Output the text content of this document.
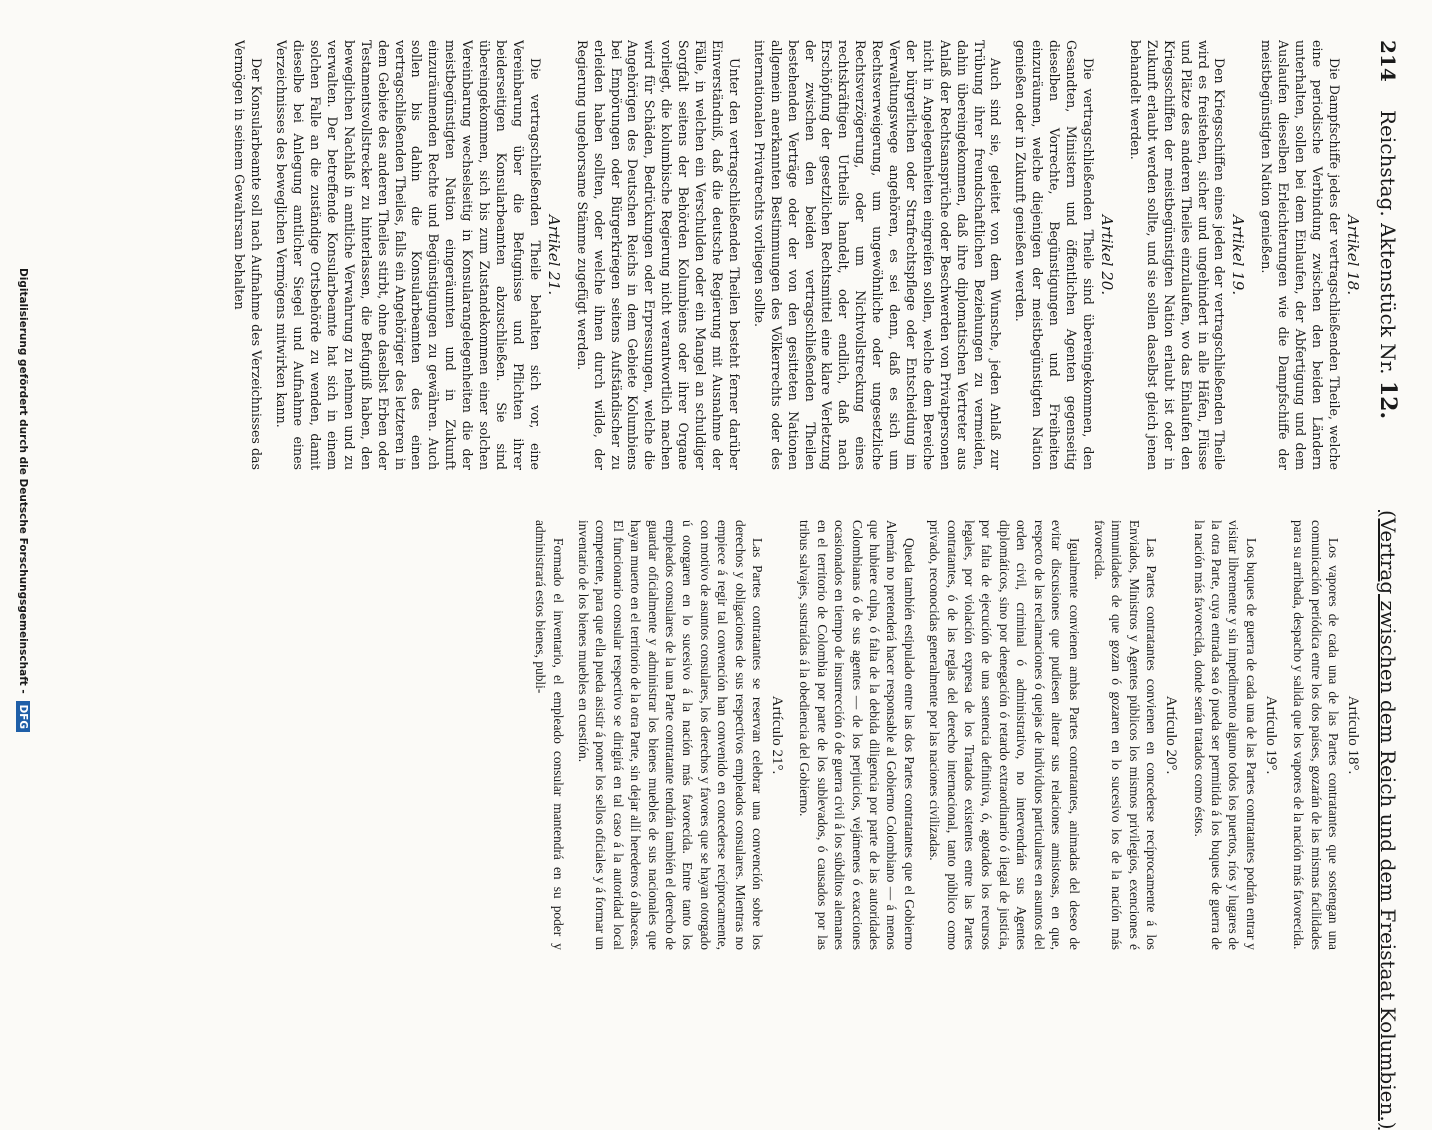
214
Reichstag. Aktenstück Nr. 12.
(Vertrag zwischen dem Reich und dem Freistaat Kolumbien.)
Artikel 18.

Die Dampfschiffe jedes der vertragschließenden Theile, welche eine periodische Verbindung zwischen den beiden Ländern unterhalten, sollen bei dem Einlaufen, der Abfertigung und dem Auslaufen dieselben Erleichterungen wie die Dampfschiffe der meistbegünstigten Nation genießen.

Artikel 19.

Den Kriegsschiffen eines jeden der vertragschließenden Theile wird es freistehen, sicher und ungehindert in alle Häfen, Flüsse und Plätze des anderen Theiles einzulaufen, wo das Einlaufen den Kriegsschiffen der meistbegünstigten Nation erlaubt ist oder in Zukunft erlaubt werden sollte, und sie sollen daselbst gleich jenen behandelt werden.

Artikel 20.

Die vertragschließenden Theile sind übereingekommen, den Gesandten, Ministern und öffentlichen Agenten gegenseitig dieselben Vorrechte, Begünstigungen und Freiheiten einzuräumen, welche diejenigen der meistbegünstigten Nation genießen oder in Zukunft genießen werden.

Auch sind sie, geleitet von dem Wunsche, jeden Anlaß zur Trübung ihrer freundschaftlichen Beziehungen zu vermeiden, dahin übereingekommen, daß ihre diplomatischen Vertreter aus Anlaß der Rechtsansprüche oder Beschwerden von Privatpersonen nicht in Angelegenheiten eingreifen sollen, welche dem Bereiche der bürgerlichen oder Strafrechtspflege oder Entscheidung im Verwaltungswege angehören, es sei denn, daß es sich um Rechtsverweigerung, um ungewöhnliche oder ungesetzliche Rechtsverzögerung, oder um Nichtvollstreckung eines rechtskräftigen Urtheils handelt, oder endlich, daß nach Erschöpfung der gesetzlichen Rechtsmittel eine klare Verletzung der zwischen den beiden vertragschließenden Theilen bestehenden Verträge oder der von den gesitteten Nationen allgemein anerkannten Bestimmungen des Völkerrechts oder des internationalen Privatrechts vorliegen sollte.

Unter den vertragschließenden Theilen besteht ferner darüber Einverständniß, daß die deutsche Regierung mit Ausnahme der Fälle, in welchen ein Verschulden oder ein Mangel an schuldiger Sorgfalt seitens der Behörden Kolumbiens oder ihrer Organe vorliegt, die kolumbische Regierung nicht verantwortlich machen wird für Schäden, Bedrückungen oder Erpressungen, welche die Angehörigen des Deutschen Reichs in dem Gebiete Kolumbiens bei Empörungen oder Bürgerkriegen seitens Aufständischer zu erleiden haben sollten, oder welche ihnen durch wilde, der Regierung ungehorsame Stämme zugefügt werden.

Artikel 21.

Die vertragschließenden Theile behalten sich vor, eine Vereinbarung über die Befugnisse und Pflichten ihrer beiderseitigen Konsularbeamten abzuschließen. Sie sind übereingekommen, sich bis zum Zustandekommen einer solchen Vereinbarung wechselseitig in Konsularangelegenheiten die der meistbegünstigten Nation eingeräumten und in Zukunft einzuräumenden Rechte und Begünstigungen zu gewähren. Auch sollen bis dahin die Konsularbeamten des einen vertragschließenden Theiles, falls ein Angehöriger des letzteren in dem Gebiete des anderen Theiles stirbt, ohne daselbst Erben oder Testamentsvollstrecker zu hinterlassen, die Befugniß haben, den beweglichen Nachlaß in amtliche Verwahrung zu nehmen und zu verwalten. Der betreffende Konsularbeamte hat sich in einem solchen Falle an die zuständige Ortsbehörde zu wenden, damit dieselbe bei Anlegung amtlicher Siegel und Aufnahme eines Verzeichnisses des beweglichen Vermögens mitwirken kann.

Der Konsularbeamte soll nach Aufnahme des Verzeichnisses das Vermögen in seinem Gewahrsam behalten

Artículo 18°.

Los vapores de cada una de las Partes contratantes que sostengan una comunicación periódica entre los dos países, gozarán de las mismas facilidades para su arribada, despacho y salida que los vapores de la nación más favorecida.

Artículo 19°.

Los buques de guerra de cada una de las Partes contratantes podrán entrar y visitar libremente y sin impedimento alguno todos los puertos, ríos y lugares de la otra Parte, cuya entrada sea ó pueda ser permitida á los buques de guerra de la nación más favorecida, donde serán tratados como éstos.

Artículo 20°.

Las Partes contratantes convienen en concederse recíprocamente á los Enviados, Ministros y Agentes públicos los mismos privilegios, exenciones é inmunidades de que gozan ó gozaren en lo sucesivo los de la nación más favorecida.

Igualmente convienen ambas Partes contratantes, animadas del deseo de evitar discusiones que pudiesen alterar sus relaciones amistosas, en que, respecto de las reclamaciones ó quejas de individuos particulares en asuntos del orden civil, criminal ó administrativo, no intervendrán sus Agentes diplomáticos, sino por denegación ó retardo extraordinario ó ilegal de justicia, por falta de ejecución de una sentencia definitiva, ó, agotados los recursos legales, por violación expresa de los Tratados existentes entre las Partes contratantes, ó de las reglas del derecho internacional, tanto público como privado, reconocidas generalmente por las naciones civilizadas.

Queda también estipulado entre las dos Partes contratantes que el Gobierno Alemán no pretenderá hacer responsable al Gobierno Colombiano — á menos que hubiere culpa, ó falta de la debida diligencia por parte de las autoridades Colombianas ó de sus agentes — de los perjuicios, vejámenes ó exacciones ocasionados en tiempo de insurrección ó de guerra civil á los súbditos alemanes en el territorio de Colombia por parte de los sublevados, ó causados por las tribus salvajes, sustraídas á la obediencia del Gobierno.

Artículo 21°.

Las Partes contratantes se reservan celebrar una convención sobre los derechos y obligaciones de sus respectivos empleados consulares. Mientras no empiece á regir tal convención han convenido en concederse recíprocamente, con motivo de asuntos consulares, los derechos y favores que se hayan otorgado ú otorgaren en lo sucesivo á la nación más favorecida. Entre tanto los empleados consulares de la una Parte contratante tendrán también el derecho de guardar oficialmente y administrar los bienes muebles de sus nacionales que hayan muerto en el territorio de la otra Parte, sin dejar allí herederos ó albaceas. El funcionario consular respectivo se dirigirá en tal caso á la autoridad local competente, para que ella pueda asistir á poner los sellos oficiales y á formar un inventario de los bienes muebles en cuestión.

Formado el inventario, el empleado consular mantendrá en su poder y administrará estos bienes, publi-

Digitalisierung gefördert durch die Deutsche Forschungsgemeinschaft - DFG
